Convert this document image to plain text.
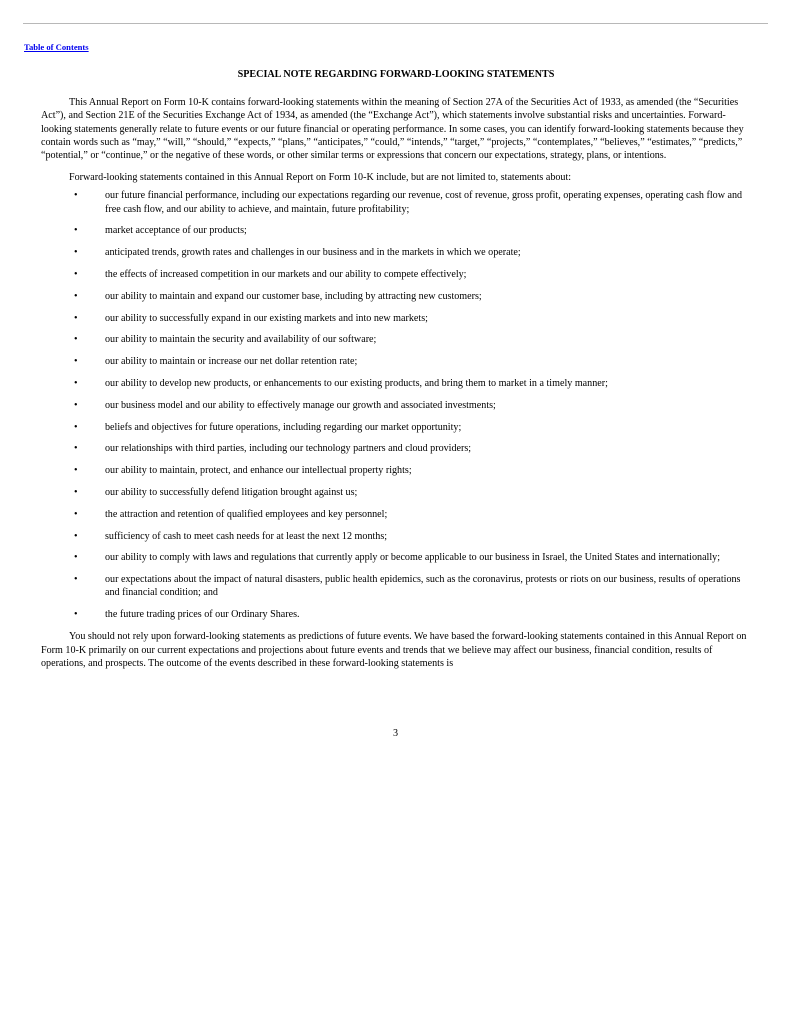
Table of Contents
SPECIAL NOTE REGARDING FORWARD-LOOKING STATEMENTS

This Annual Report on Form 10-K contains forward-looking statements within the meaning of Section 27A of the Securities Act of 1933, as amended (the “Securities Act”), and Section 21E of the Securities Exchange Act of 1934, as amended (the “Exchange Act”), which statements involve substantial risks and uncertainties. Forward-looking statements generally relate to future events or our future financial or operating performance. In some cases, you can identify forward-looking statements because they contain words such as “may,” “will,” “should,” “expects,” “plans,” “anticipates,” “could,” “intends,” “target,” “projects,” “contemplates,” “believes,” “estimates,” “predicts,” “potential,” or “continue,” or the negative of these words, or other similar terms or expressions that concern our expectations, strategy, plans, or intentions.

Forward-looking statements contained in this Annual Report on Form 10-K include, but are not limited to, statements about:

•	our future financial performance, including our expectations regarding our revenue, cost of revenue, gross profit, operating expenses, operating cash flow and free cash flow, and our ability to achieve, and maintain, future profitability;
•	market acceptance of our products;
•	anticipated trends, growth rates and challenges in our business and in the markets in which we operate;
•	the effects of increased competition in our markets and our ability to compete effectively;
•	our ability to maintain and expand our customer base, including by attracting new customers;
•	our ability to successfully expand in our existing markets and into new markets;
•	our ability to maintain the security and availability of our software;
•	our ability to maintain or increase our net dollar retention rate;
•	our ability to develop new products, or enhancements to our existing products, and bring them to market in a timely manner;
•	our business model and our ability to effectively manage our growth and associated investments;
•	beliefs and objectives for future operations, including regarding our market opportunity;
•	our relationships with third parties, including our technology partners and cloud providers;
•	our ability to maintain, protect, and enhance our intellectual property rights;
•	our ability to successfully defend litigation brought against us;
•	the attraction and retention of qualified employees and key personnel;
•	sufficiency of cash to meet cash needs for at least the next 12 months;
•	our ability to comply with laws and regulations that currently apply or become applicable to our business in Israel, the United States and internationally;
•	our expectations about the impact of natural disasters, public health epidemics, such as the coronavirus, protests or riots on our business, results of operations and financial condition; and
•	the future trading prices of our Ordinary Shares.

You should not rely upon forward-looking statements as predictions of future events. We have based the forward-looking statements contained in this Annual Report on Form 10-K primarily on our current expectations and projections about future events and trends that we believe may affect our business, financial condition, results of operations, and prospects. The outcome of the events described in these forward-looking statements is

3
